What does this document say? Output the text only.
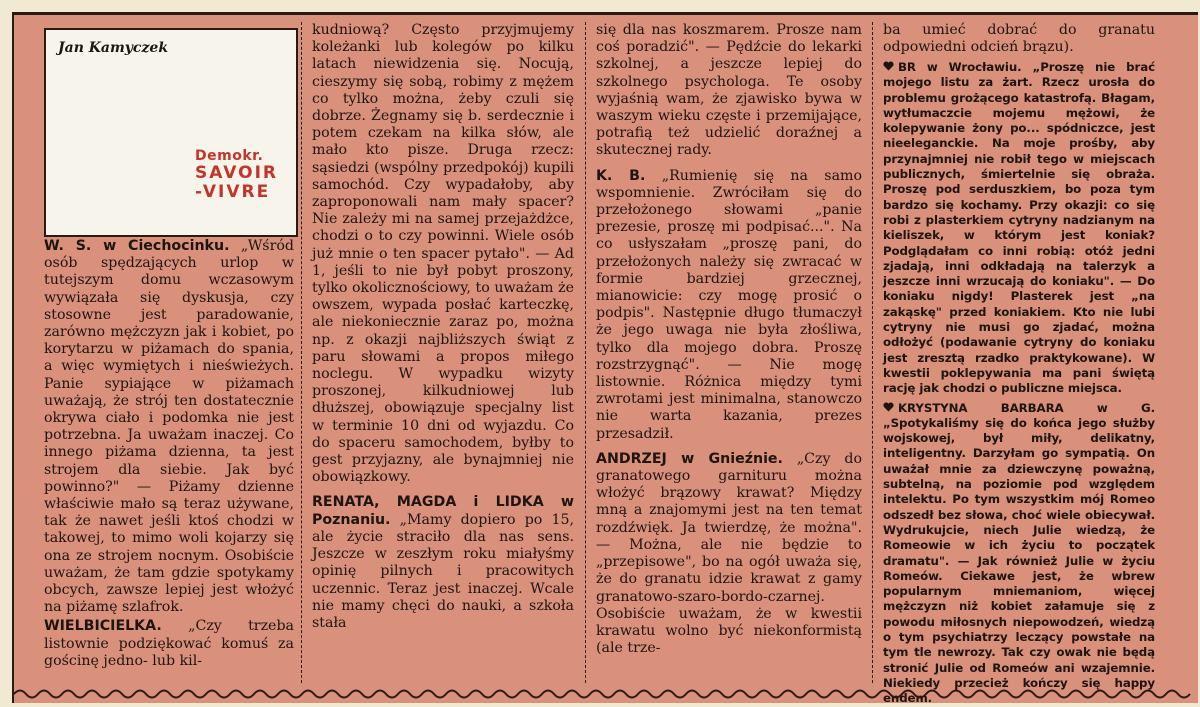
Jan Kamyczek
Demokr.
SAVOIR
-VIVRE

W. S. w Ciechocinku. „Wśród osób spędzających urlop w tutejszym domu wczasowym wywiązała się dyskusja, czy stosowne jest paradowanie, zarówno mężczyzn jak i kobiet, po korytarzu w piżamach do spania, a więc wymiętych i nieświeżych. Panie sypiające w piżamach uważają, że strój ten dostatecznie okrywa ciało i podomka nie jest potrzebna. Ja uważam inaczej. Co innego piżama dzienna, ta jest strojem dla siebie. Jak być powinno?" — Piżamy dzienne właściwie mało są teraz używane, tak że nawet jeśli ktoś chodzi w takowej, to mimo woli kojarzy się ona ze strojem nocnym. Osobiście uważam, że tam gdzie spotykamy obcych, zawsze lepiej jest włożyć na piżamę szlafrok.

WIELBICIELKA. „Czy trzeba listownie podziękować komuś za gościnę jedno- lub kil-

kudniową? Często przyjmujemy koleżanki lub kolegów po kilku latach niewidzenia się. Nocują, cieszymy się sobą, robimy z mężem co tylko można, żeby czuli się dobrze. Żegnamy się b. serdecznie i potem czekam na kilka słów, ale mało kto pisze. Druga rzecz: sąsiedzi (wspólny przedpokój) kupili samochód. Czy wypadałoby, aby zaproponowali nam mały spacer? Nie zależy mi na samej przejażdżce, chodzi o to czy powinni. Wiele osób już mnie o ten spacer pytało". — Ad 1, jeśli to nie był pobyt proszony, tylko okolicznościowy, to uważam że owszem, wypada posłać karteczkę, ale niekoniecznie zaraz po, można np. z okazji najbliższych świąt z paru słowami a propos miłego noclegu. W wypadku wizyty proszonej, kilkudniowej lub dłuższej, obowiązuje specjalny list w terminie 10 dni od wyjazdu. Co do spaceru samochodem, byłby to gest przyjazny, ale bynajmniej nie obowiązkowy.

RENATA, MAGDA i LIDKA w Poznaniu. „Mamy dopiero po 15, ale życie straciło dla nas sens. Jeszcze w zeszłym roku miałyśmy opinię pilnych i pracowitych uczennic. Teraz jest inaczej. Wcale nie mamy chęci do nauki, a szkoła stała

się dla nas koszmarem. Prosze nam coś poradzić". — Pędźcie do lekarki szkolnej, a jeszcze lepiej do szkolnego psychologa. Te osoby wyjaśnią wam, że zjawisko bywa w waszym wieku częste i przemijające, potrafią też udzielić doraźnej a skutecznej rady.

K. B. „Rumienię się na samo wspomnienie. Zwróciłam się do przełożonego słowami „panie prezesie, proszę mi podpisać...". Na co usłyszałam „proszę pani, do przełożonych należy się zwracać w formie bardziej grzecznej, mianowicie: czy mogę prosić o podpis". Następnie długo tłumaczył że jego uwaga nie była złośliwa, tylko dla mojego dobra. Proszę rozstrzygnąć". — Nie mogę listownie. Różnica między tymi zwrotami jest minimalna, stanowczo nie warta kazania, prezes przesadził.

ANDRZEJ w Gnieźnie. „Czy do granatowego garnituru można włożyć brązowy krawat? Między mną a znajomymi jest na ten temat rozdźwięk. Ja twierdzę, że można". — Można, ale nie będzie to „przepisowe", bo na ogół uważa się, że do granatu idzie krawat z gamy granatowo-szaro-bordo-czarnej. Osobiście uważam, że w kwestii krawatu wolno być niekonformistą (ale trze-

ba umieć dobrać do granatu odpowiedni odcień brązu).

BR w Wrocławiu. „Proszę nie brać mojego listu za żart. Rzecz urosła do problemu grożącego katastrofą. Błagam, wytłumaczcie mojemu mężowi, że kolepywanie żony po... spódniczce, jest nieeleganckie. Na moje prośby, aby przynajmniej nie robił tego w miejscach publicznych, śmiertelnie się obraża. Proszę pod serduszkiem, bo poza tym bardzo się kochamy. Przy okazji: co się robi z plasterkiem cytryny nadzianym na kieliszek, w którym jest koniak? Podglądałam co inni robią: otóż jedni zjadają, inni odkładają na talerzyk a jeszcze inni wrzucają do koniaku". — Do koniaku nigdy! Plasterek jest „na zakąskę" przed koniakiem. Kto nie lubi cytryny nie musi go zjadać, można odłożyć (podawanie cytryny do koniaku jest zresztą rzadko praktykowane). W kwestii poklepywania ma pani świętą rację jak chodzi o publiczne miejsca.

KRYSTYNA BARBARA w G. „Spotykaliśmy się do końca jego służby wojskowej, był miły, delikatny, inteligentny. Darzyłam go sympatią. On uważał mnie za dziewczynę poważną, subtelną, na poziomie pod względem intelektu. Po tym wszystkim mój Romeo odszedł bez słowa, choć wiele obiecywał. Wydrukujcie, niech Julie wiedzą, że Romeowie w ich życiu to początek dramatu". — Jak również Julie w życiu Romeów. Ciekawe jest, że wbrew popularnym mniemaniom, więcej mężczyzn niż kobiet załamuje się z powodu miłosnych niepowodzeń, wiedzą o tym psychiatrzy leczący powstałe na tym tle newrozy. Tak czy owak nie będą stronić Julie od Romeów ani wzajemnie. Niekiedy przecież kończy się happy endem.
